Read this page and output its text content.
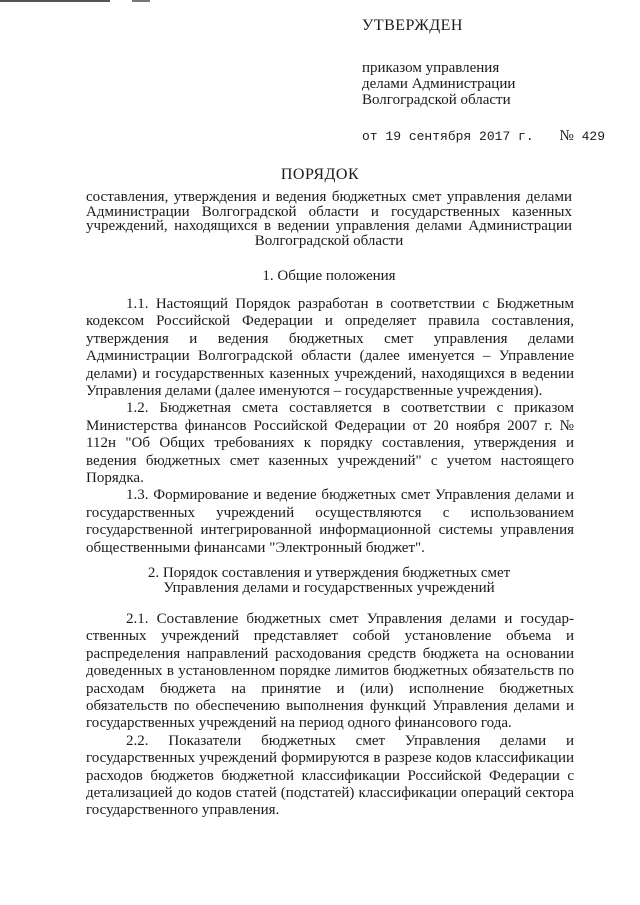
УТВЕРЖДЕН
приказом управления
делами Администрации
Волгоградской области
от 19 сентября 2017 г. № 429
ПОРЯДОК
составления, утверждения и ведения бюджетных смет управления делами Администрации Волгоградской области и государственных казенных учреждений, находящихся в ведении управления делами Администрации Волгоградской области
1. Общие положения

1.1. Настоящий Порядок разработан в соответствии с Бюджетным кодексом Российской Федерации и определяет правила составления, утверждения и ведения бюджетных смет управления делами Администрации Волгоградской области (далее именуется – Управление делами) и государственных казенных учреждений, находящихся в ведении Управления делами (далее именуются – государственные учреждения).

1.2. Бюджетная смета составляется в соответствии с приказом Министерства финансов Российской Федерации от 20 ноября 2007 г. № 112н "Об Общих требованиях к порядку составления, утверждения и ведения бюджетных смет казенных учреждений" с учетом настоящего Порядка.

1.3. Формирование и ведение бюджетных смет Управления делами и государственных учреждений осуществляются с использованием государственной интегрированной информационной системы управления общественными финансами "Электронный бюджет".

2. Порядок составления и утверждения бюджетных смет
Управления делами и государственных учреждений

2.1. Составление бюджетных смет Управления делами и государ-ственных учреждений представляет собой установление объема и распределения направлений расходования средств бюджета на основании доведенных в установленном порядке лимитов бюджетных обязательств по расходам бюджета на принятие и (или) исполнение бюджетных обязательств по обеспечению выполнения функций Управления делами и государственных учреждений на период одного финансового года.

2.2. Показатели бюджетных смет Управления делами и государственных учреждений формируются в разрезе кодов классификации расходов бюджетов бюджетной классификации Российской Федерации с детализацией до кодов статей (подстатей) классификации операций сектора государственного управления.
